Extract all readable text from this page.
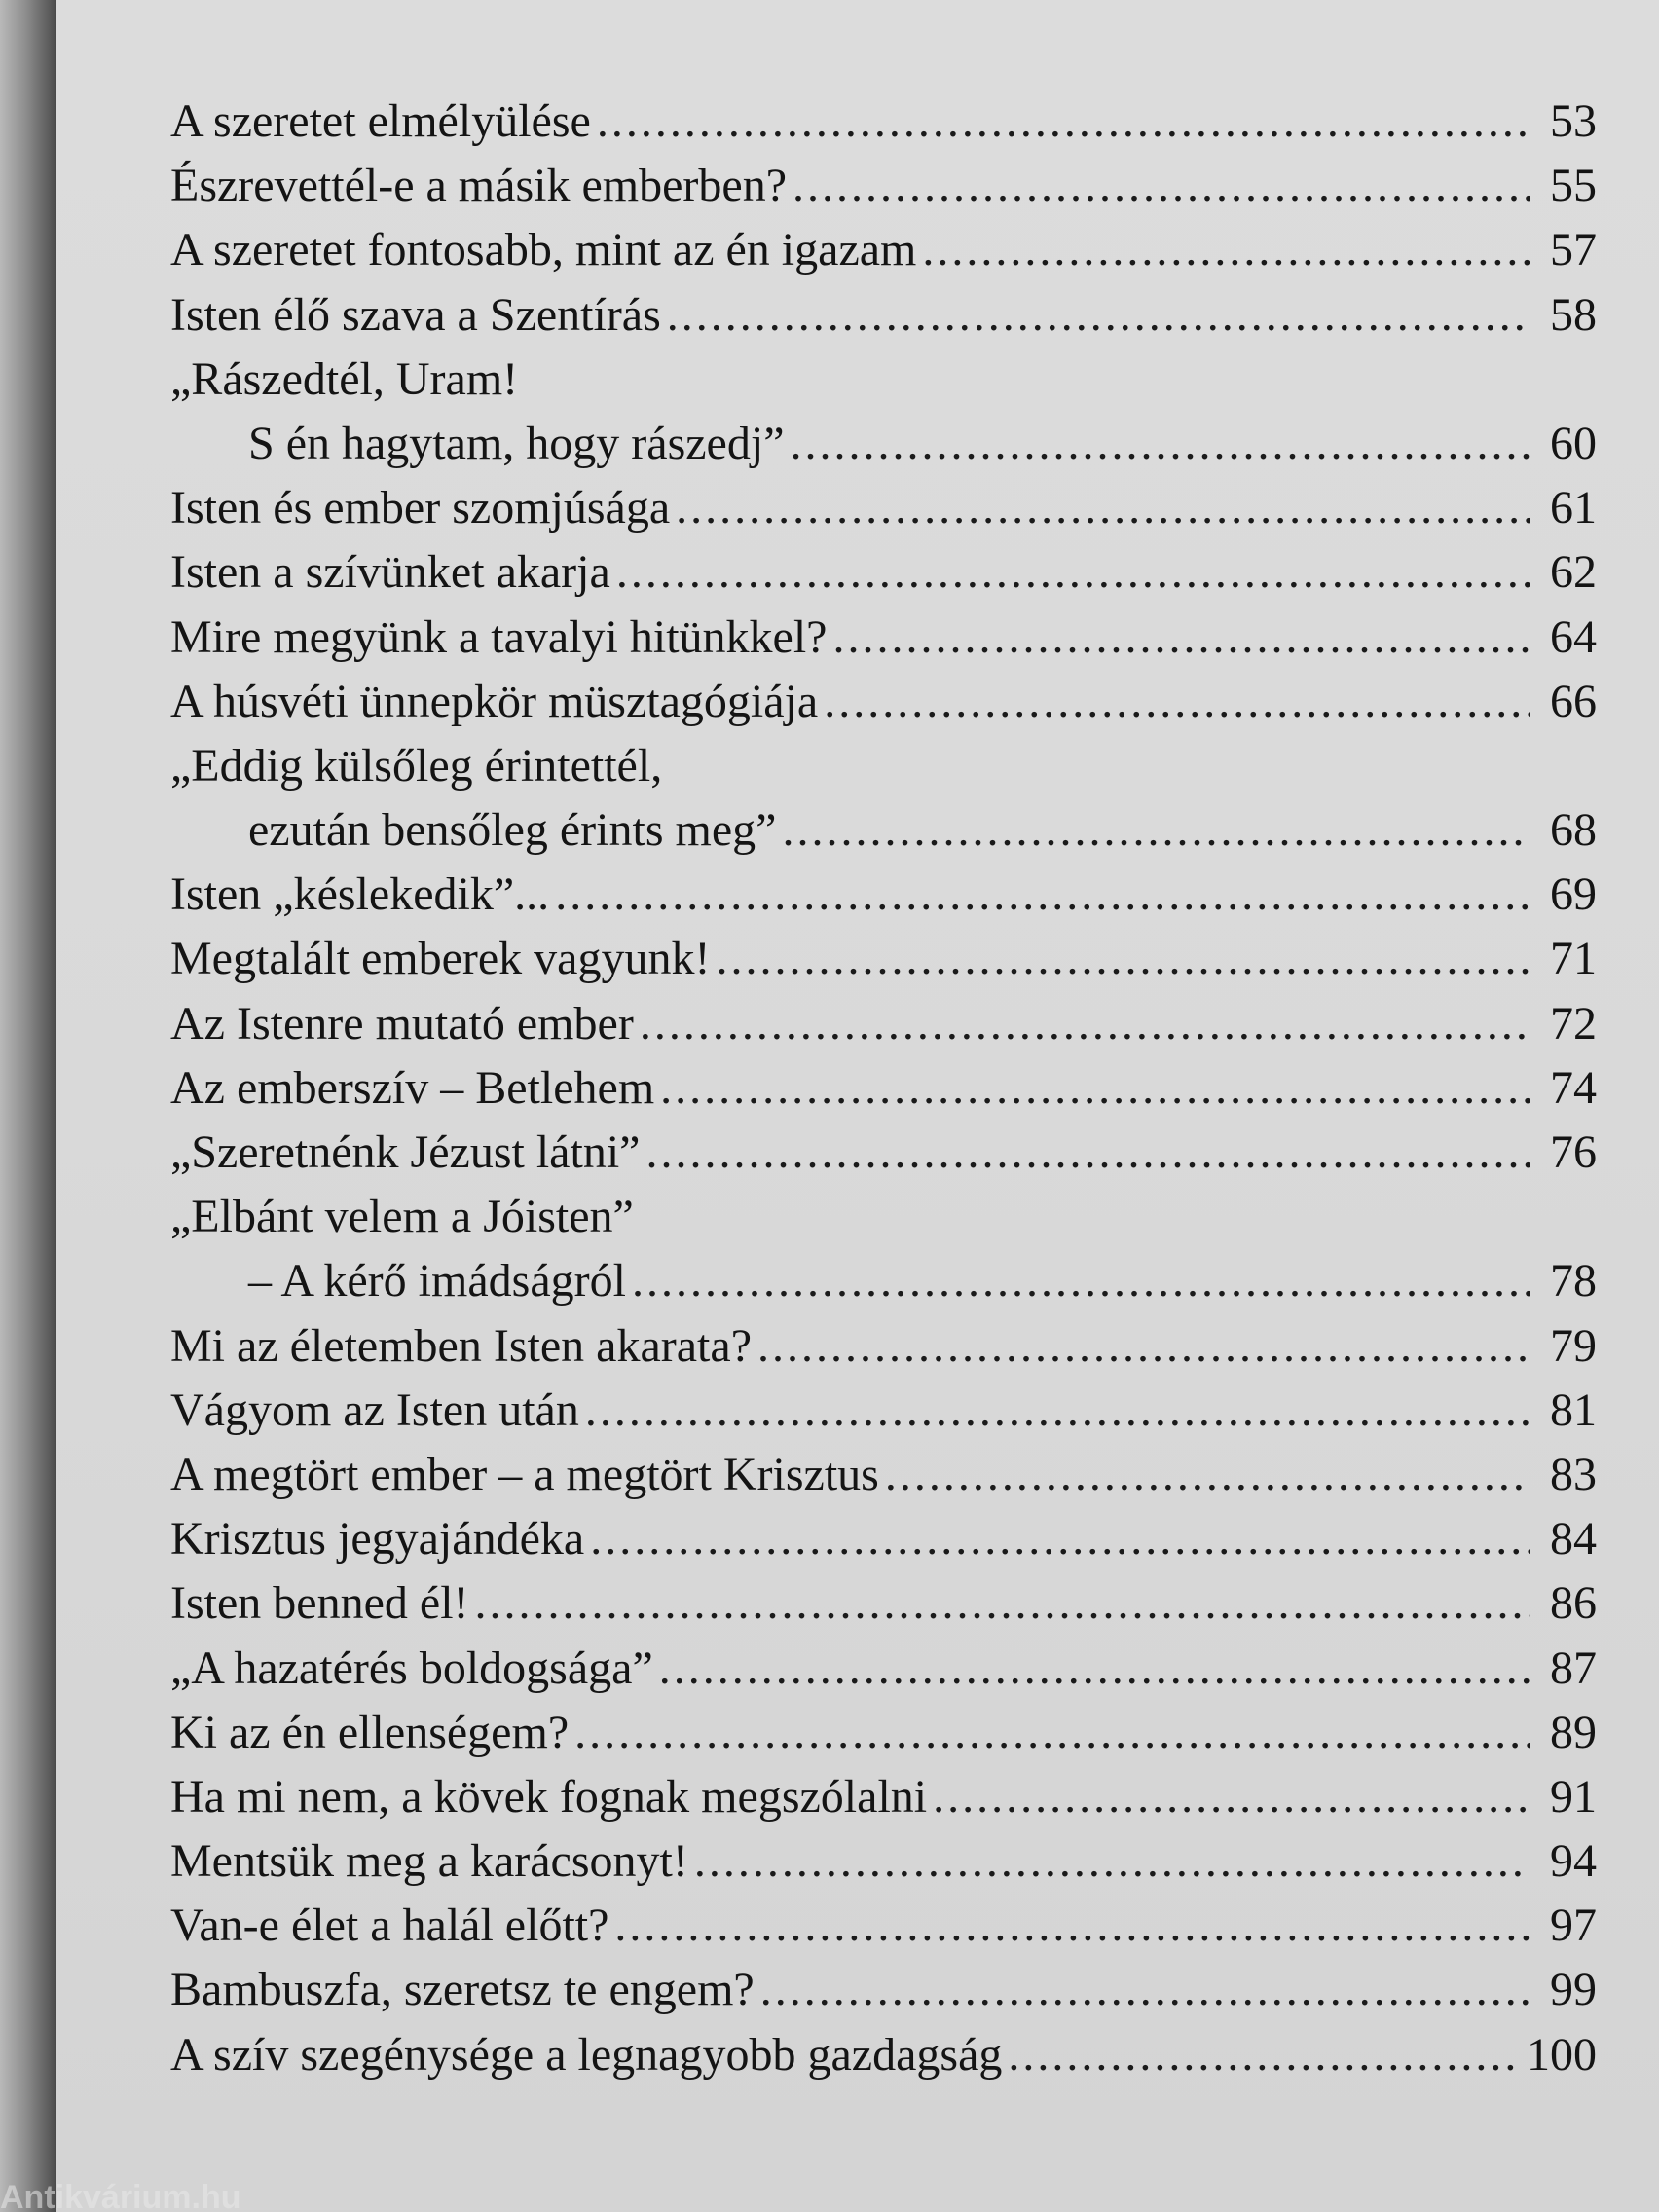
A szeretet elmélyülése .....	53
Észrevettél-e a másik emberben? .....	55
A szeretet fontosabb, mint az én igazam .....	57
Isten élő szava a Szentírás .....	58
„Rászedtél, Uram!
S én hagytam, hogy rászedj” .....	60
Isten és ember szomjúsága .....	61
Isten a szívünket akarja .....	62
Mire megyünk a tavalyi hitünkkel? .....	64
A húsvéti ünnepkör müsztagógiája .....	66
„Eddig külsőleg érintettél,
ezután bensőleg érints meg” .....	68
Isten „késlekedik”... .....	69
Megtalált emberek vagyunk! .....	71
Az Istenre mutató ember .....	72
Az emberszív – Betlehem .....	74
„Szeretnénk Jézust látni” .....	76
„Elbánt velem a Jóisten”
– A kérő imádságról .....	78
Mi az életemben Isten akarata? .....	79
Vágyom az Isten után .....	81
A megtört ember – a megtört Krisztus .....	83
Krisztus jegyajándéka .....	84
Isten benned él! .....	86
„A hazatérés boldogsága” .....	87
Ki az én ellenségem? .....	89
Ha mi nem, a kövek fognak megszólalni .....	91
Mentsük meg a karácsonyt! .....	94
Van-e élet a halál előtt? .....	97
Bambuszfa, szeretsz te engem? .....	99
A szív szegénysége a legnagyobb gazdagság .....	100
Antikvárium.hu
